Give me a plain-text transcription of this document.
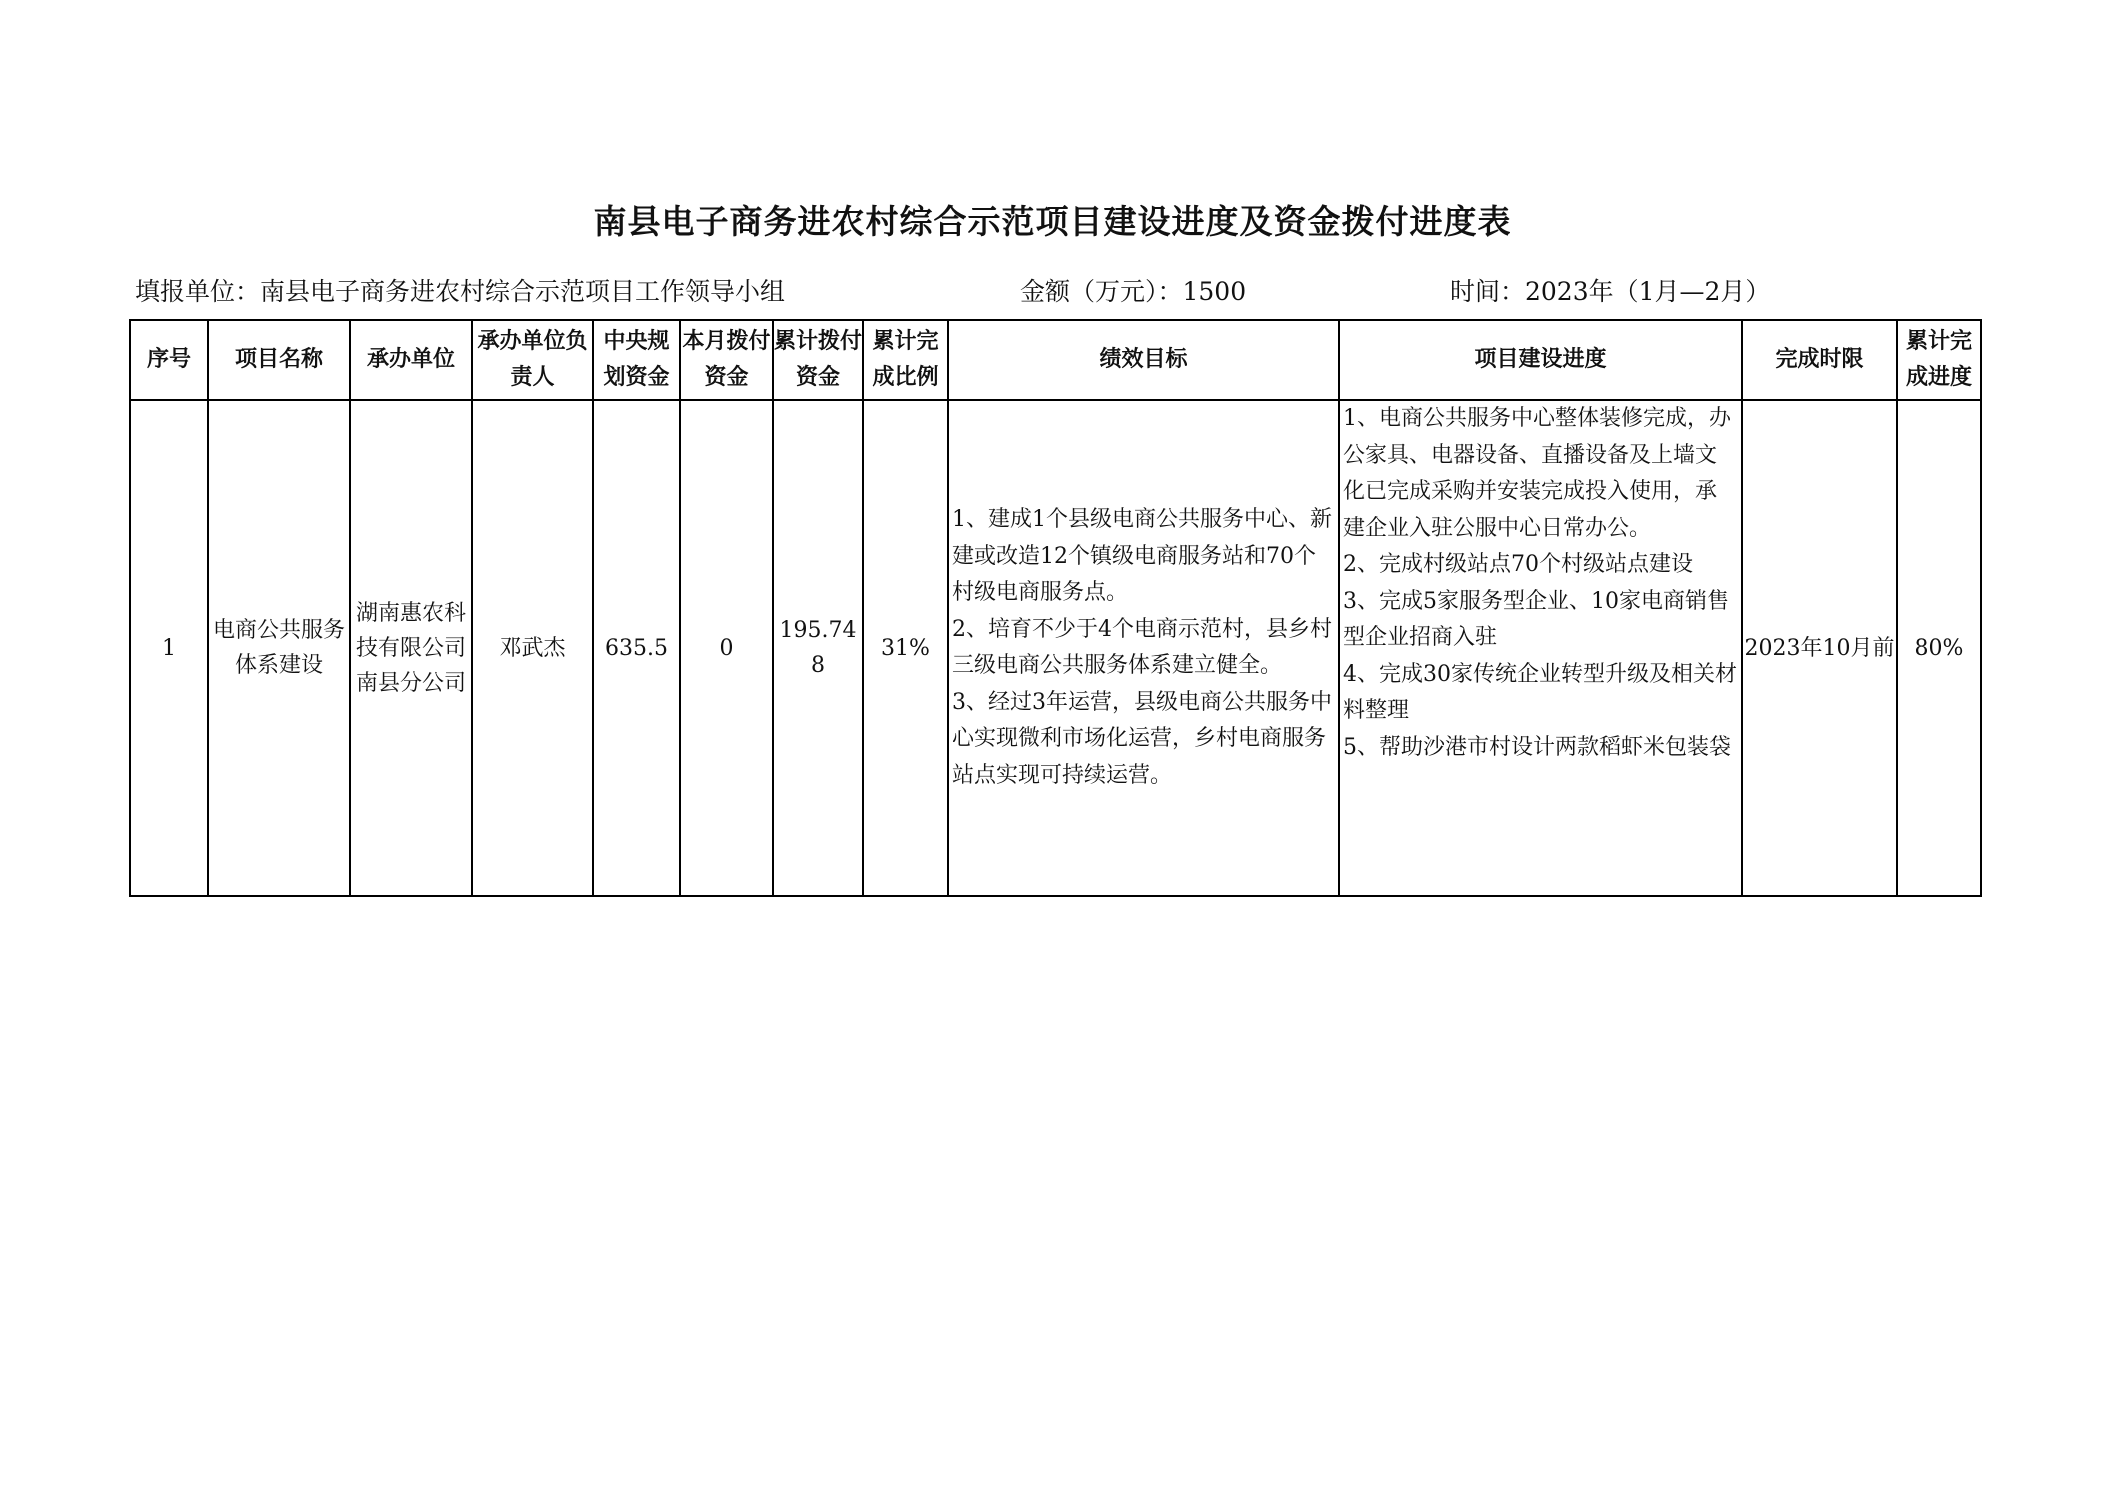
南县电子商务进农村综合示范项目建设进度及资金拨付进度表
填报单位：南县电子商务进农村综合示范项目工作领导小组	金额（万元）：1500	时间：2023年（1月—2月）
序号	项目名称	承办单位	承办单位负责人	中央规划资金	本月拨付资金	累计拨付资金	累计完成比例	绩效目标	项目建设进度	完成时限	累计完成进度
1	电商公共服务体系建设	湖南惠农科技有限公司南县分公司	邓武杰	635.5	0	195.748	31%	1、建成1个县级电商公共服务中心、新建或改造12个镇级电商服务站和70个村级电商服务点。
2、培育不少于4个电商示范村，县乡村三级电商公共服务体系建立健全。
3、经过3年运营，县级电商公共服务中心实现微利市场化运营，乡村电商服务站点实现可持续运营。	1、电商公共服务中心整体装修完成，办公家具、电器设备、直播设备及上墙文化已完成采购并安装完成投入使用，承建企业入驻公服中心日常办公。
2、完成村级站点70个村级站点建设
3、完成5家服务型企业、10家电商销售型企业招商入驻
4、完成30家传统企业转型升级及相关材料整理
5、帮助沙港市村设计两款稻虾米包装袋	2023年10月前	80%
